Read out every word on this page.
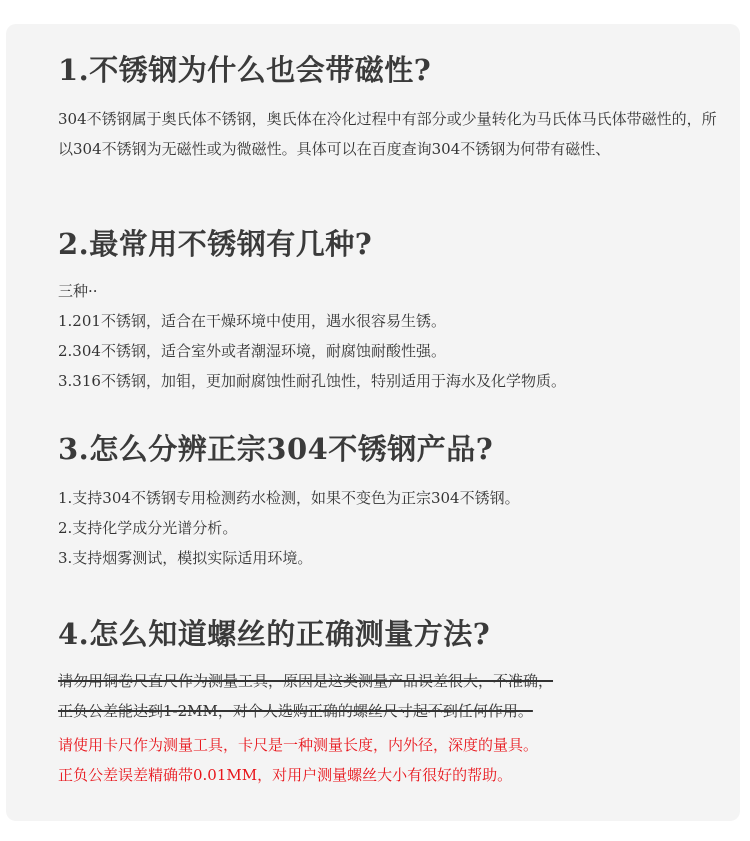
1.不锈钢为什么也会带磁性?
304不锈钢属于奥氏体不锈钢，奥氏体在冷化过程中有部分或少量转化为马氏体马氏体带磁性的，所以304不锈钢为无磁性或为微磁性。具体可以在百度查询304不锈钢为何带有磁性、
2.最常用不锈钢有几种?
三种··
1.201不锈钢，适合在干燥环境中使用，遇水很容易生锈。
2.304不锈钢，适合室外或者潮湿环境，耐腐蚀耐酸性强。
3.316不锈钢，加钼，更加耐腐蚀性耐孔蚀性，特别适用于海水及化学物质。
3.怎么分辨正宗304不锈钢产品?
1.支持304不锈钢专用检测药水检测，如果不变色为正宗304不锈钢。
2.支持化学成分光谱分析。
3.支持烟雾测试，模拟实际适用环境。
4.怎么知道螺丝的正确测量方法?
请勿用铜卷尺直尺作为测量工具，原因是这类测量产品误差很大，不准确，
正负公差能达到1-2MM，对个人选购正确的螺丝尺寸起不到任何作用。
请使用卡尺作为测量工具，卡尺是一种测量长度，内外径，深度的量具。
正负公差误差精确带0.01MM，对用户测量螺丝大小有很好的帮助。
